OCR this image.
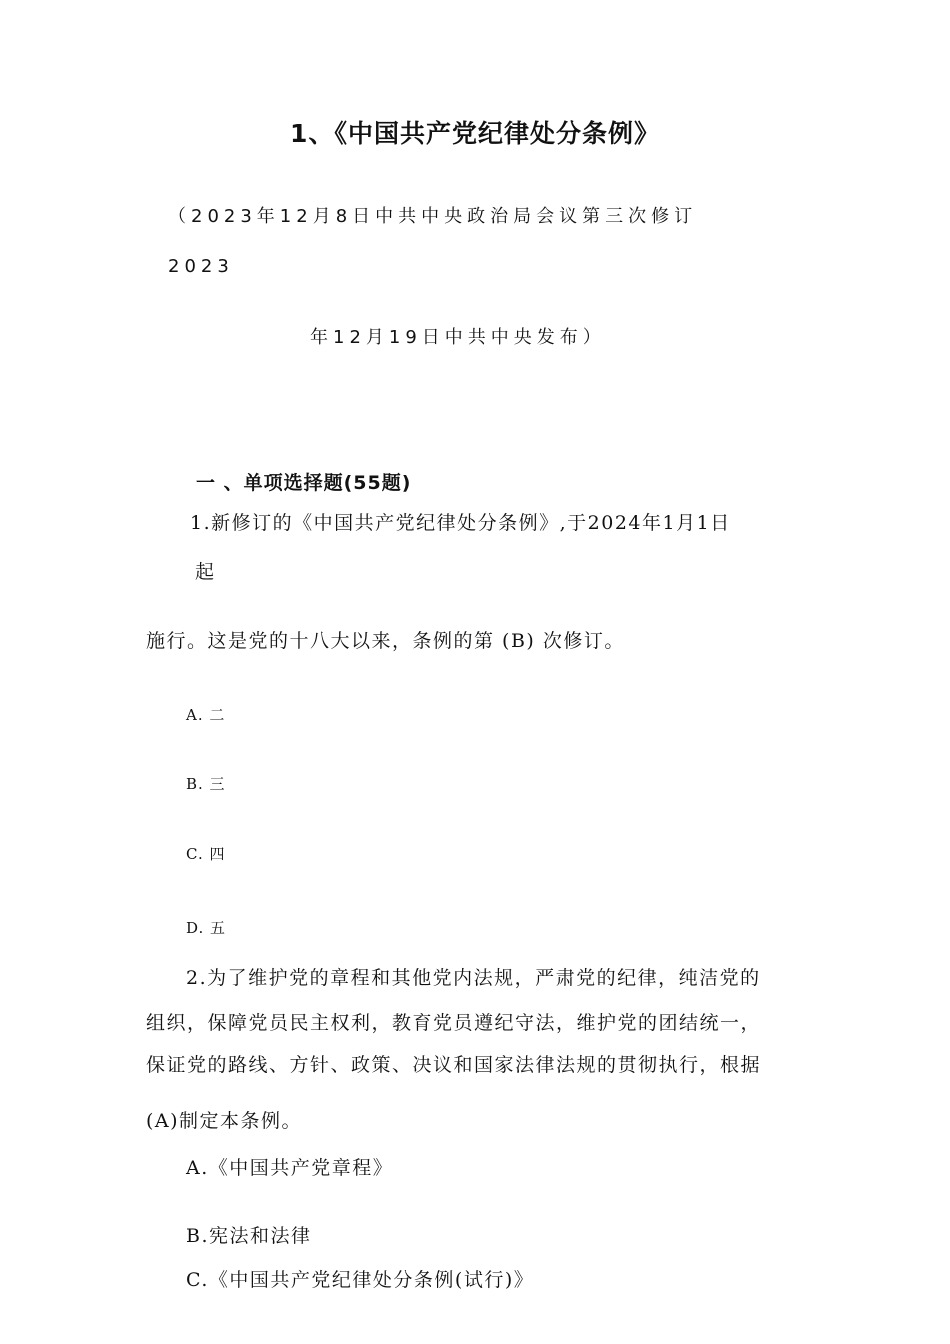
1、《中国共产党纪律处分条例》
（2023年12月8日中共中央政治局会议第三次修订
2023
年12月19日中共中央发布）
一 、单项选择题(55题)
1.新修订的《中国共产党纪律处分条例》,于2024年1月1日
起
施行。这是党的十八大以来，条例的第 (B) 次修订。
A. 二
B. 三
C. 四
D. 五
2.为了维护党的章程和其他党内法规，严肃党的纪律，纯洁党的
组织，保障党员民主权利，教育党员遵纪守法，维护党的团结统一，
保证党的路线、方针、政策、决议和国家法律法规的贯彻执行，根据
(A)制定本条例。
A.《中国共产党章程》
B.宪法和法律
C.《中国共产党纪律处分条例(试行)》
